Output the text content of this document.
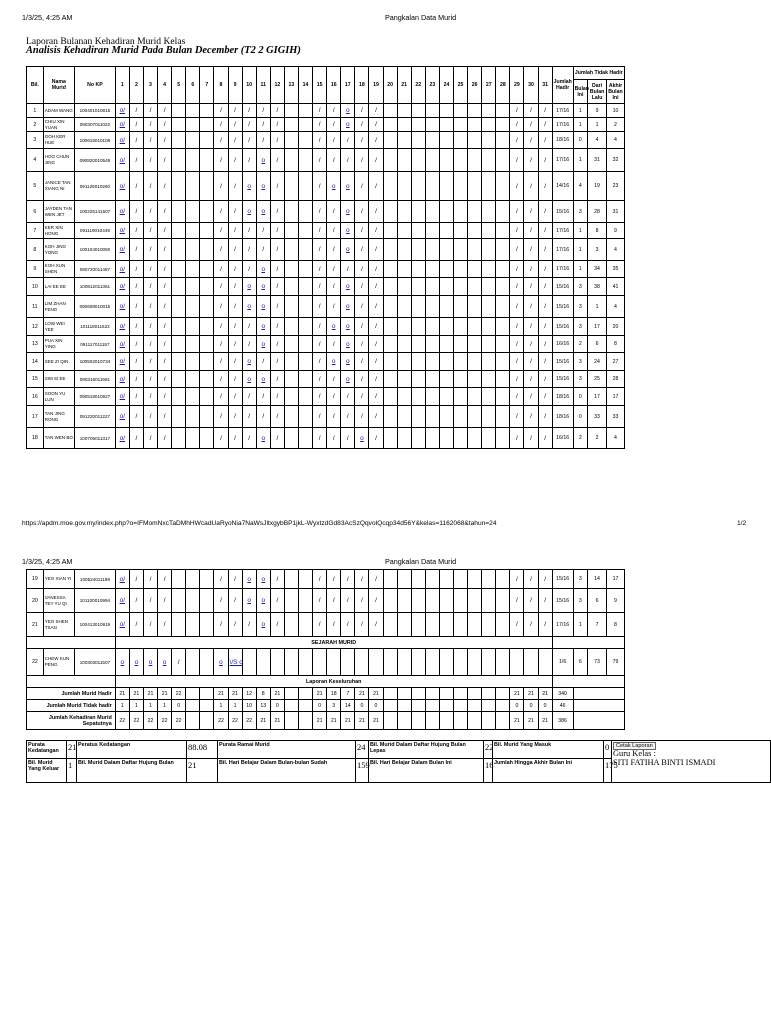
1/3/25, 4:25 AM	Pangkalan Data Murid
Laporan Bulanan Kehadiran Murid Kelas
Analisis Kehadiran Murid Pada Bulan December (T2 2 GIGIH)
Bil.	Nama Murid	No KP	1	2	3	4	5	6	7	8	9	10	11	12	13	14	15	16	17	18	19	20	21	22	23	24	25	26	27	28	29	30	31	Jumlah Hadir	Jumlah Tidak Hadir		
																																			Bulan Ini	Dari Bulan Lalu	Akhir Bulan Ini
1	ADAM WANG	100401010815	o/	/	/	/				/	/	/	/	/			/	/	o	/	/										/	/	/	17/16	1	9	10
2	CHIU XIN YUAN	090307011022	o/	/	/	/				/	/	/	/	/			/	/	o	/	/										/	/	/	17/16	1	1	2
3	GOH KER HUE	100615010108	o/	/	/	/				/	/	/	/	/			/	/	/	/	/										/	/	/	18/16	0	4	4
4	HOO CHUN JING	090820010549	o/	/	/	/				/	/	/	o	/			/	/	/	/	/										/	/	/	17/16	1	31	32
5	JANICE TAN XIANG NI	091126010260	o/	/	/	/				/	/	o	o	/			/	o	o	/	/										/	/	/	14/16	4	19	23
6	JAYDEN TAN WEN JET	100225141507	o/	/	/	/				/	/	o	o	/			/	/	o	/	/										/	/	/	15/16	3	28	31
7	KER XIN HONG	091119010449	o/	/	/	/				/	/	/	/	/			/	/	o	/	/										/	/	/	17/16	1	8	9
8	KOH JING YONG	100104010050	o/	/	/	/				/	/	/	/	/			/	/	o	/	/										/	/	/	17/16	1	3	4
9	KOH XUN SHEN	090720011487	o/	/	/	/				/	/	/	o	/			/	/	/	/	/										/	/	/	17/16	1	34	35
10	LAI EE EE	100812011361	o/	/	/	/				/	/	o	o	/			/	/	o	/	/										/	/	/	15/16	3	38	41
11	LIM ZHAN FENG	090608010015	o/	/	/	/				/	/	o	o	/			/	/	o	/	/										/	/	/	15/16	3	1	4
12	LOW WEI YEE	101118011622	o/	/	/	/				/	/	/	o	/			/	o	o	/	/										/	/	/	15/16	3	17	20
13	PUA XIN YING	091117011157	o/	/	/	/				/	/	/	o	/			/	/	o	/	/										/	/	/	16/16	2	6	8
14	SEE ZI QIN	100502010734	o/	/	/	/				/	/	o	/	/			/	o	o	/	/										/	/	/	15/16	3	24	27
15	SIM SI EE	090316011681	o/	/	/	/				/	/	o	o	/			/	/	o	/	/										/	/	/	15/16	3	25	28
16	SOON YU LUN	090518010927	o/	/	/	/				/	/	/	/	/			/	/	/	/	/										/	/	/	18/16	0	17	17
17	TAN JING RONG	091220011227	o/	/	/	/				/	/	/	/	/			/	/	/	/	/										/	/	/	18/16	0	33	33
18	TAN WEN BO	100706011317	o/	/	/	/				/	/	/	o	/			/	/	/	o	/										/	/	/	16/16	2	2	4
https://apdm.moe.gov.my/index.php?o=IFMomNxcTaDMhHWcadUaRyoNia7NaWsJltxgybBP1jkL-WyxtzdGd83AcSzQqvolQcqp34d56Y&kelas=1162068&tahun=24	1/2
1/3/25, 4:25 AM	Pangkalan Data Murid
19	YEO XIAN YI	100524011199	o/	/	/	/				/	/	o	o	/			/	/	/	/	/										/	/	/	15/16	3	14	17
20	VANESSA TEY YU QI	101100010994	o/	/	/	/				/	/	o	o	/			/	/	/	/	/										/	/	/	15/16	3	6	9
21	YEO SHEN TSAN	100413010919	o/	/	/	/				/	/	/	o	/			/	/	/	/	/										/	/	/	17/16	1	7	8
			SEJARAH MURID																																		
22	CHEW KUN PENG	100303011507	o	o	o	o	/			o	\/S o																							1/6	6	73	79
			Laporan Keseluruhan																																		
Jumlah Murid Hadir			21	21	21	21	22			21	21	12	8	21			21	18	7	21	21										21	21	21	340			
Jumlah Murid Tidak hadir			1	1	1	1	0			1	1	10	13	0			0	3	14	0	0										0	0	0	46			
Jumlah Kehadiran Murid Sepatutnya			22	22	22	22	22			22	22	22	21	21			21	21	21	21	21										21	21	21	386			
Purata Kedatangan	21	Peratus Kedatangan	88.08	Purata Ramai Murid	24	Bil. Murid Dalam Daftar Hujung Bulan Lepas	22	Bil. Murid Yang Masuk	0	Cetak Laporan
Guru Kelas :
SITI FATIHA BINTI ISMADI
Bil. Murid Yang Keluar	1	Bil. Murid Dalam Daftar Hujung Bulan	21	Bil. Hari Belajar Dalam Bulan-bulan Sudah	159	Bil. Hari Belajar Dalam Bulan Ini	16	Jumlah Hingga Akhir Bulan Ini	175	
